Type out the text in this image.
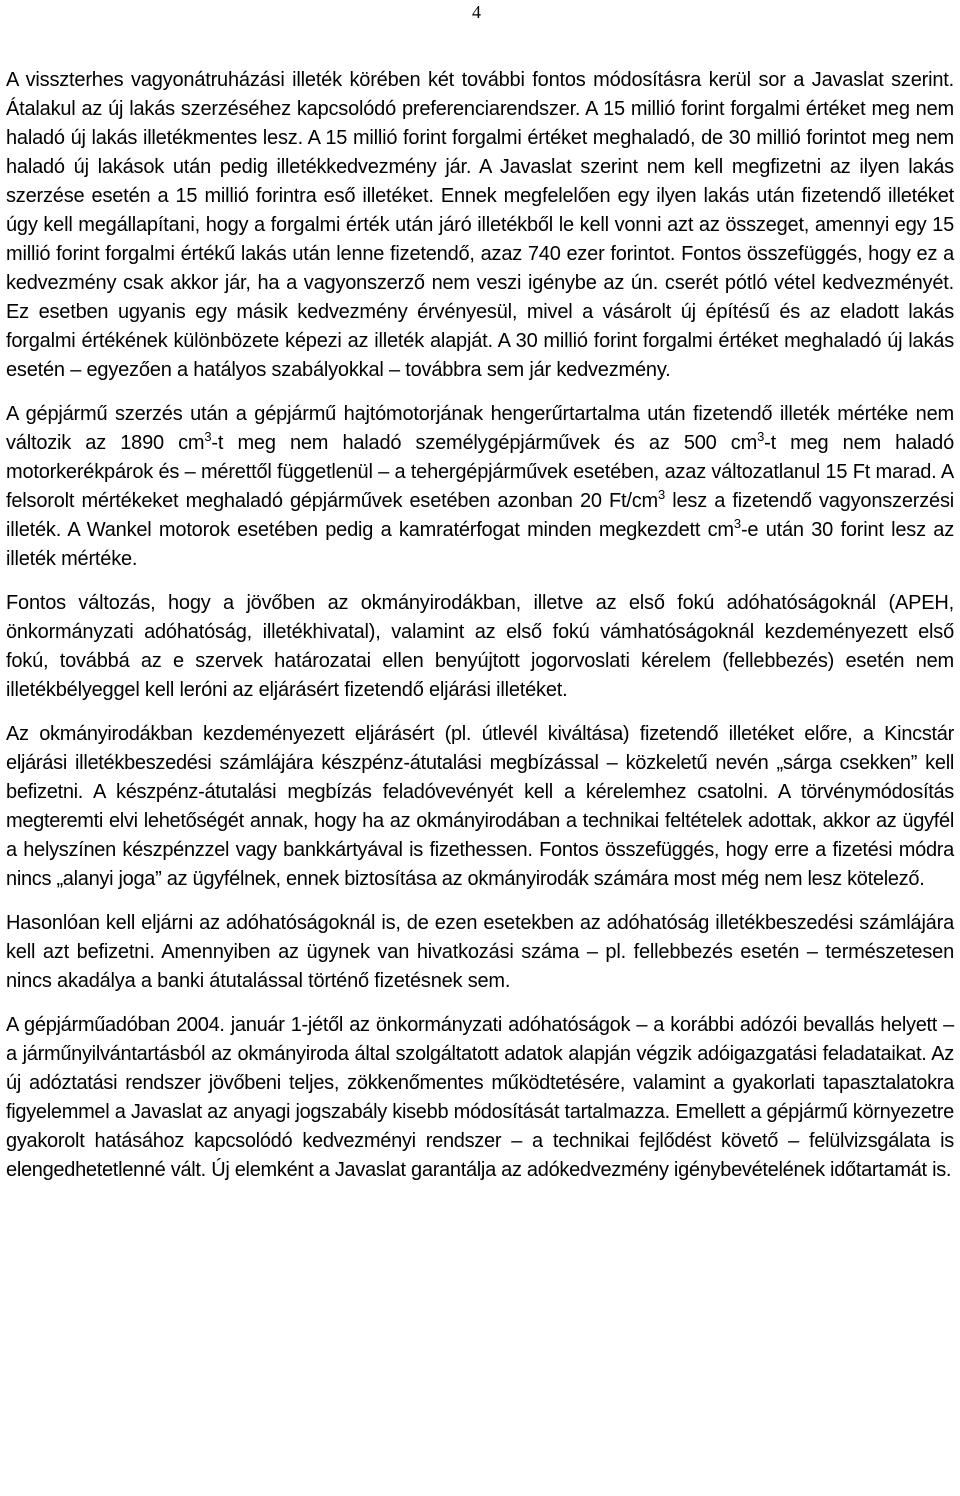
4

A visszterhes vagyonátruházási illeték körében két további fontos módosításra kerül sor a Javaslat szerint. Átalakul az új lakás szerzéséhez kapcsolódó preferenciarendszer. A 15 millió forint forgalmi értéket meg nem haladó új lakás illetékmentes lesz. A 15 millió forint forgalmi értéket meghaladó, de 30 millió forintot meg nem haladó új lakások után pedig illetékkedvezmény jár. A Javaslat szerint nem kell megfizetni az ilyen lakás szerzése esetén a 15 millió forintra eső illetéket. Ennek megfelelően egy ilyen lakás után fizetendő illetéket úgy kell megállapítani, hogy a forgalmi érték után járó illetékből le kell vonni azt az összeget, amennyi egy 15 millió forint forgalmi értékű lakás után lenne fizetendő, azaz 740 ezer forintot. Fontos összefüggés, hogy ez a kedvezmény csak akkor jár, ha a vagyonszerző nem veszi igénybe az ún. cserét pótló vétel kedvezményét. Ez esetben ugyanis egy másik kedvezmény érvényesül, mivel a vásárolt új építésű és az eladott lakás forgalmi értékének különbözete képezi az illeték alapját. A 30 millió forint forgalmi értéket meghaladó új lakás esetén – egyezően a hatályos szabályokkal – továbbra sem jár kedvezmény.

A gépjármű szerzés után a gépjármű hajtómotorjának hengerűrtartalma után fizetendő illeték mértéke nem változik az 1890 $cm^3-t$ meg nem haladó személygépjárművek és az 500 $cm^3-t$ meg nem haladó motorkerékpárok és – mérettől függetlenül – a tehergépjárművek esetében, azaz változatlanul 15 Ft marad. A felsorolt mértékeket meghaladó gépjárművek esetében azonban 20 $Ft/cm^3$ lesz a fizetendő vagyonszerzési illeték. A Wankel motorok esetében pedig a kamratérfogat minden megkezdett $cm^3-e$ után 30 forint lesz az illeték mértéke.

Fontos változás, hogy a jövőben az okmányirodákban, illetve az első fokú adóhatóságoknál (APEH, önkormányzati adóhatóság, illetékhivatal), valamint az első fokú vámhatóságoknál kezdeményezett első fokú, továbbá az e szervek határozatai ellen benyújtott jogorvoslati kérelem (fellebbezés) esetén nem illetékbélyeggel kell leróni az eljárásért fizetendő eljárási illetéket.

Az okmányirodákban kezdeményezett eljárásért (pl. útlevél kiváltása) fizetendő illetéket előre, a Kincstár eljárási illetékbeszedési számlájára készpénz-átutalási megbízással – közkeletű nevén „sárga csekken” kell befizetni. A készpénz-átutalási megbízás feladóvevényét kell a kérelemhez csatolni. A törvénymódosítás megteremti elvi lehetőségét annak, hogy ha az okmányirodában a technikai feltételek adottak, akkor az ügyfél a helyszínen készpénzzel vagy bankkártyával is fizethessen. Fontos összefüggés, hogy erre a fizetési módra nincs „alanyi joga” az ügyfélnek, ennek biztosítása az okmányirodák számára most még nem lesz kötelező.

Hasonlóan kell eljárni az adóhatóságoknál is, de ezen esetekben az adóhatóság illetékbeszedési számlájára kell azt befizetni. Amennyiben az ügynek van hivatkozási száma – pl. fellebbezés esetén – természetesen nincs akadálya a banki átutalással történő fizetésnek sem.

A gépjárműadóban 2004. január 1-jétől az önkormányzati adóhatóságok – a korábbi adózói bevallás helyett – a járműnyilvántartásból az okmányiroda által szolgáltatott adatok alapján végzik adóigazgatási feladataikat. Az új adóztatási rendszer jövőbeni teljes, zökkenőmentes működtetésére, valamint a gyakorlati tapasztalatokra figyelemmel a Javaslat az anyagi jogszabály kisebb módosítását tartalmazza. Emellett a gépjármű környezetre gyakorolt hatásához kapcsolódó kedvezményi rendszer – a technikai fejlődést követő – felülvizsgálata is elengedhetetlenné vált. Új elemként a Javaslat garantálja az adókedvezmény igénybevételének időtartamát is.
